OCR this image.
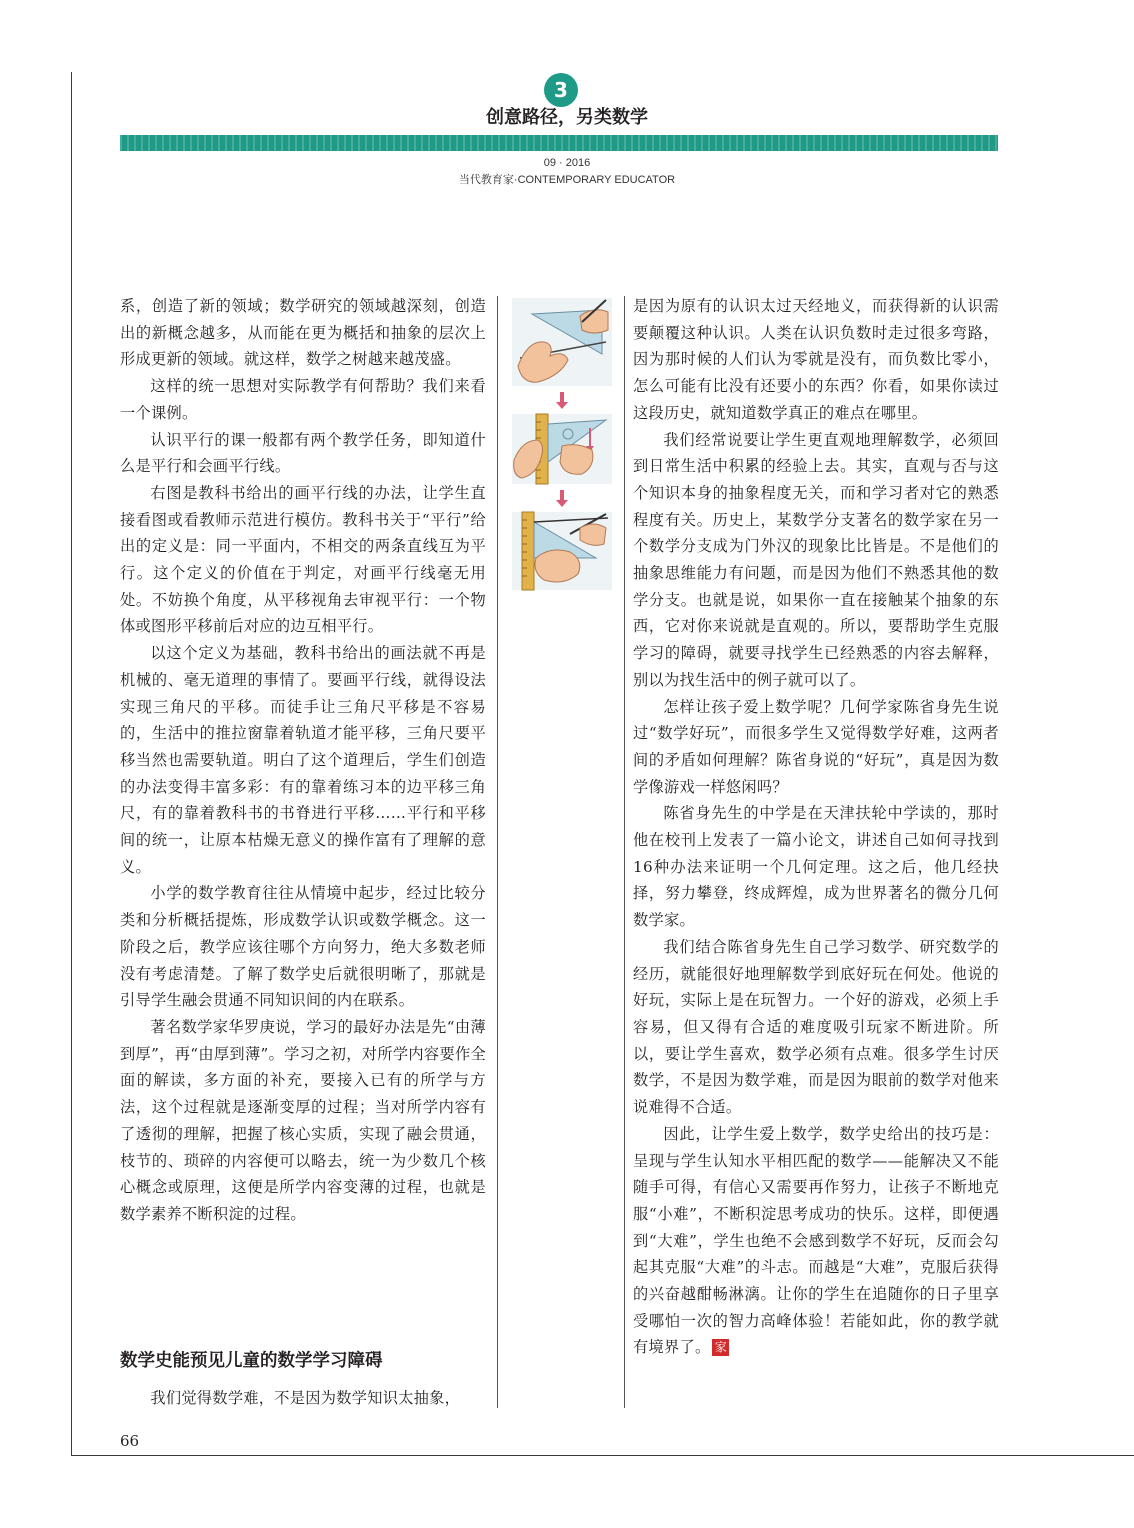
3
创意路径，另类数学
09 · 2016
当代教育家·CONTEMPORARY EDUCATOR

系，创造了新的领域；数学研究的领域越深刻，创造出的新概念越多，从而能在更为概括和抽象的层次上形成更新的领域。就这样，数学之树越来越茂盛。

这样的统一思想对实际教学有何帮助？我们来看一个课例。

认识平行的课一般都有两个教学任务，即知道什么是平行和会画平行线。

右图是教科书给出的画平行线的办法，让学生直接看图或看教师示范进行模仿。教科书关于“平行”给出的定义是：同一平面内，不相交的两条直线互为平行。这个定义的价值在于判定，对画平行线毫无用处。不妨换个角度，从平移视角去审视平行：一个物体或图形平移前后对应的边互相平行。

以这个定义为基础，教科书给出的画法就不再是机械的、毫无道理的事情了。要画平行线，就得设法实现三角尺的平移。而徒手让三角尺平移是不容易的，生活中的推拉窗靠着轨道才能平移，三角尺要平移当然也需要轨道。明白了这个道理后，学生们创造的办法变得丰富多彩：有的靠着练习本的边平移三角尺，有的靠着教科书的书脊进行平移……平行和平移间的统一，让原本枯燥无意义的操作富有了理解的意义。

小学的数学教育往往从情境中起步，经过比较分类和分析概括提炼，形成数学认识或数学概念。这一阶段之后，教学应该往哪个方向努力，绝大多数老师没有考虑清楚。了解了数学史后就很明晰了，那就是引导学生融会贯通不同知识间的内在联系。

著名数学家华罗庚说，学习的最好办法是先“由薄到厚”，再“由厚到薄”。学习之初，对所学内容要作全面的解读，多方面的补充，要接入已有的所学与方法，这个过程就是逐渐变厚的过程；当对所学内容有了透彻的理解，把握了核心实质，实现了融会贯通，枝节的、琐碎的内容便可以略去，统一为少数几个核心概念或原理，这便是所学内容变薄的过程，也就是数学素养不断积淀的过程。

数学史能预见儿童的数学学习障碍
我们觉得数学难，不是因为数学知识太抽象，

是因为原有的认识太过天经地义，而获得新的认识需要颠覆这种认识。人类在认识负数时走过很多弯路，因为那时候的人们认为零就是没有，而负数比零小，怎么可能有比没有还要小的东西？你看，如果你读过这段历史，就知道数学真正的难点在哪里。

我们经常说要让学生更直观地理解数学，必须回到日常生活中积累的经验上去。其实，直观与否与这个知识本身的抽象程度无关，而和学习者对它的熟悉程度有关。历史上，某数学分支著名的数学家在另一个数学分支成为门外汉的现象比比皆是。不是他们的抽象思维能力有问题，而是因为他们不熟悉其他的数学分支。也就是说，如果你一直在接触某个抽象的东西，它对你来说就是直观的。所以，要帮助学生克服学习的障碍，就要寻找学生已经熟悉的内容去解释，别以为找生活中的例子就可以了。

怎样让孩子爱上数学呢？几何学家陈省身先生说过“数学好玩”，而很多学生又觉得数学好难，这两者间的矛盾如何理解？陈省身说的“好玩”，真是因为数学像游戏一样悠闲吗？

陈省身先生的中学是在天津扶轮中学读的，那时他在校刊上发表了一篇小论文，讲述自己如何寻找到16种办法来证明一个几何定理。这之后，他几经抉择，努力攀登，终成辉煌，成为世界著名的微分几何数学家。

我们结合陈省身先生自己学习数学、研究数学的经历，就能很好地理解数学到底好玩在何处。他说的好玩，实际上是在玩智力。一个好的游戏，必须上手容易，但又得有合适的难度吸引玩家不断进阶。所以，要让学生喜欢，数学必须有点难。很多学生讨厌数学，不是因为数学难，而是因为眼前的数学对他来说难得不合适。

因此，让学生爱上数学，数学史给出的技巧是：呈现与学生认知水平相匹配的数学——能解决又不能随手可得，有信心又需要再作努力，让孩子不断地克服“小难”，不断积淀思考成功的快乐。这样，即便遇到“大难”，学生也绝不会感到数学不好玩，反而会勾起其克服“大难”的斗志。而越是“大难”，克服后获得的兴奋越酣畅淋漓。让你的学生在追随你的日子里享受哪怕一次的智力高峰体验！若能如此，你的教学就有境界了。 家

66
